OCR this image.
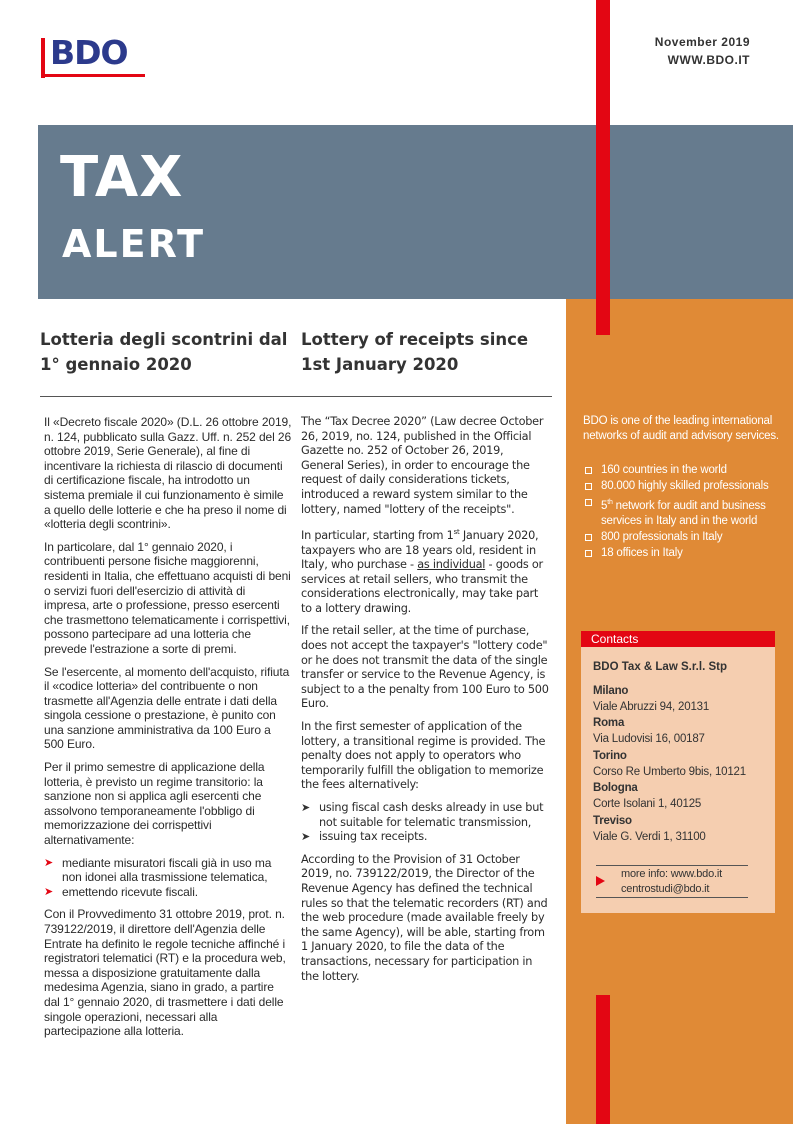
BDO	November 2019
WWW.BDO.IT
TAX
ALERT
BDO is one of the leading international networks of audit and advisory services.
160 countries in the world
80.000 highly skilled professionals
5th network for audit and business services in Italy and in the world
800 professionals in Italy
18 offices in Italy
Contacts
BDO Tax & Law S.r.l. Stp
Milano
Viale Abruzzi 94, 20131
Roma
Via Ludovisi 16, 00187
Torino
Corso Re Umberto 9bis, 10121
Bologna
Corte Isolani 1, 40125
Treviso
Viale G. Verdi 1, 31100
more info: www.bdo.it
centrostudi@bdo.it
Lotteria degli scontrini dal 1° gennaio 2020
Lottery of receipts since 1st January 2020

Il «Decreto fiscale 2020» (D.L. 26 ottobre 2019, n. 124, pubblicato sulla Gazz. Uff. n. 252 del 26 ottobre 2019, Serie Generale), al fine di incentivare la richiesta di rilascio di documenti di certificazione fiscale, ha introdotto un sistema premiale il cui funzionamento è simile a quello delle lotterie e che ha preso il nome di «lotteria degli scontrini».

In particolare, dal 1° gennaio 2020, i contribuenti persone fisiche maggiorenni, residenti in Italia, che effettuano acquisti di beni o servizi fuori dell'esercizio di attività di impresa, arte o professione, presso esercenti che trasmettono telematicamente i corrispettivi, possono partecipare ad una lotteria che prevede l'estrazione a sorte di premi.

Se l'esercente, al momento dell'acquisto, rifiuta il «codice lotteria» del contribuente o non trasmette all'Agenzia delle entrate i dati della singola cessione o prestazione, è punito con una sanzione amministrativa da 100 Euro a 500 Euro.

Per il primo semestre di applicazione della lotteria, è previsto un regime transitorio: la sanzione non si applica agli esercenti che assolvono temporaneamente l'obbligo di memorizzazione dei corrispettivi alternativamente:

➤ mediante misuratori fiscali già in uso ma non idonei alla trasmissione telematica,
➤ emettendo ricevute fiscali.

Con il Provvedimento 31 ottobre 2019, prot. n. 739122/2019, il direttore dell'Agenzia delle Entrate ha definito le regole tecniche affinché i registratori telematici (RT) e la procedura web, messa a disposizione gratuitamente dalla medesima Agenzia, siano in grado, a partire dal 1° gennaio 2020, di trasmettere i dati delle singole operazioni, necessari alla partecipazione alla lotteria.

The “Tax Decree 2020” (Law decree October 26, 2019, no. 124, published in the Official Gazette no. 252 of October 26, 2019, General Series), in order to encourage the request of daily considerations tickets, introduced a reward system similar to the lottery, named "lottery of the receipts".

In particular, starting from 1st January 2020, taxpayers who are 18 years old, resident in Italy, who purchase - as individual - goods or services at retail sellers, who transmit the considerations electronically, may take part to a lottery drawing.

If the retail seller, at the time of purchase, does not accept the taxpayer's "lottery code" or he does not transmit the data of the single transfer or service to the Revenue Agency, is subject to a the penalty from 100 Euro to 500 Euro.

In the first semester of application of the lottery, a transitional regime is provided. The penalty does not apply to operators who temporarily fulfill the obligation to memorize the fees alternatively:

➤ using fiscal cash desks already in use but not suitable for telematic transmission,
➤ issuing tax receipts.

According to the Provision of 31 October 2019, no. 739122/2019, the Director of the Revenue Agency has defined the technical rules so that the telematic recorders (RT) and the web procedure (made available freely by the same Agency), will be able, starting from 1 January 2020, to file the data of the transactions, necessary for participation in the lottery.
